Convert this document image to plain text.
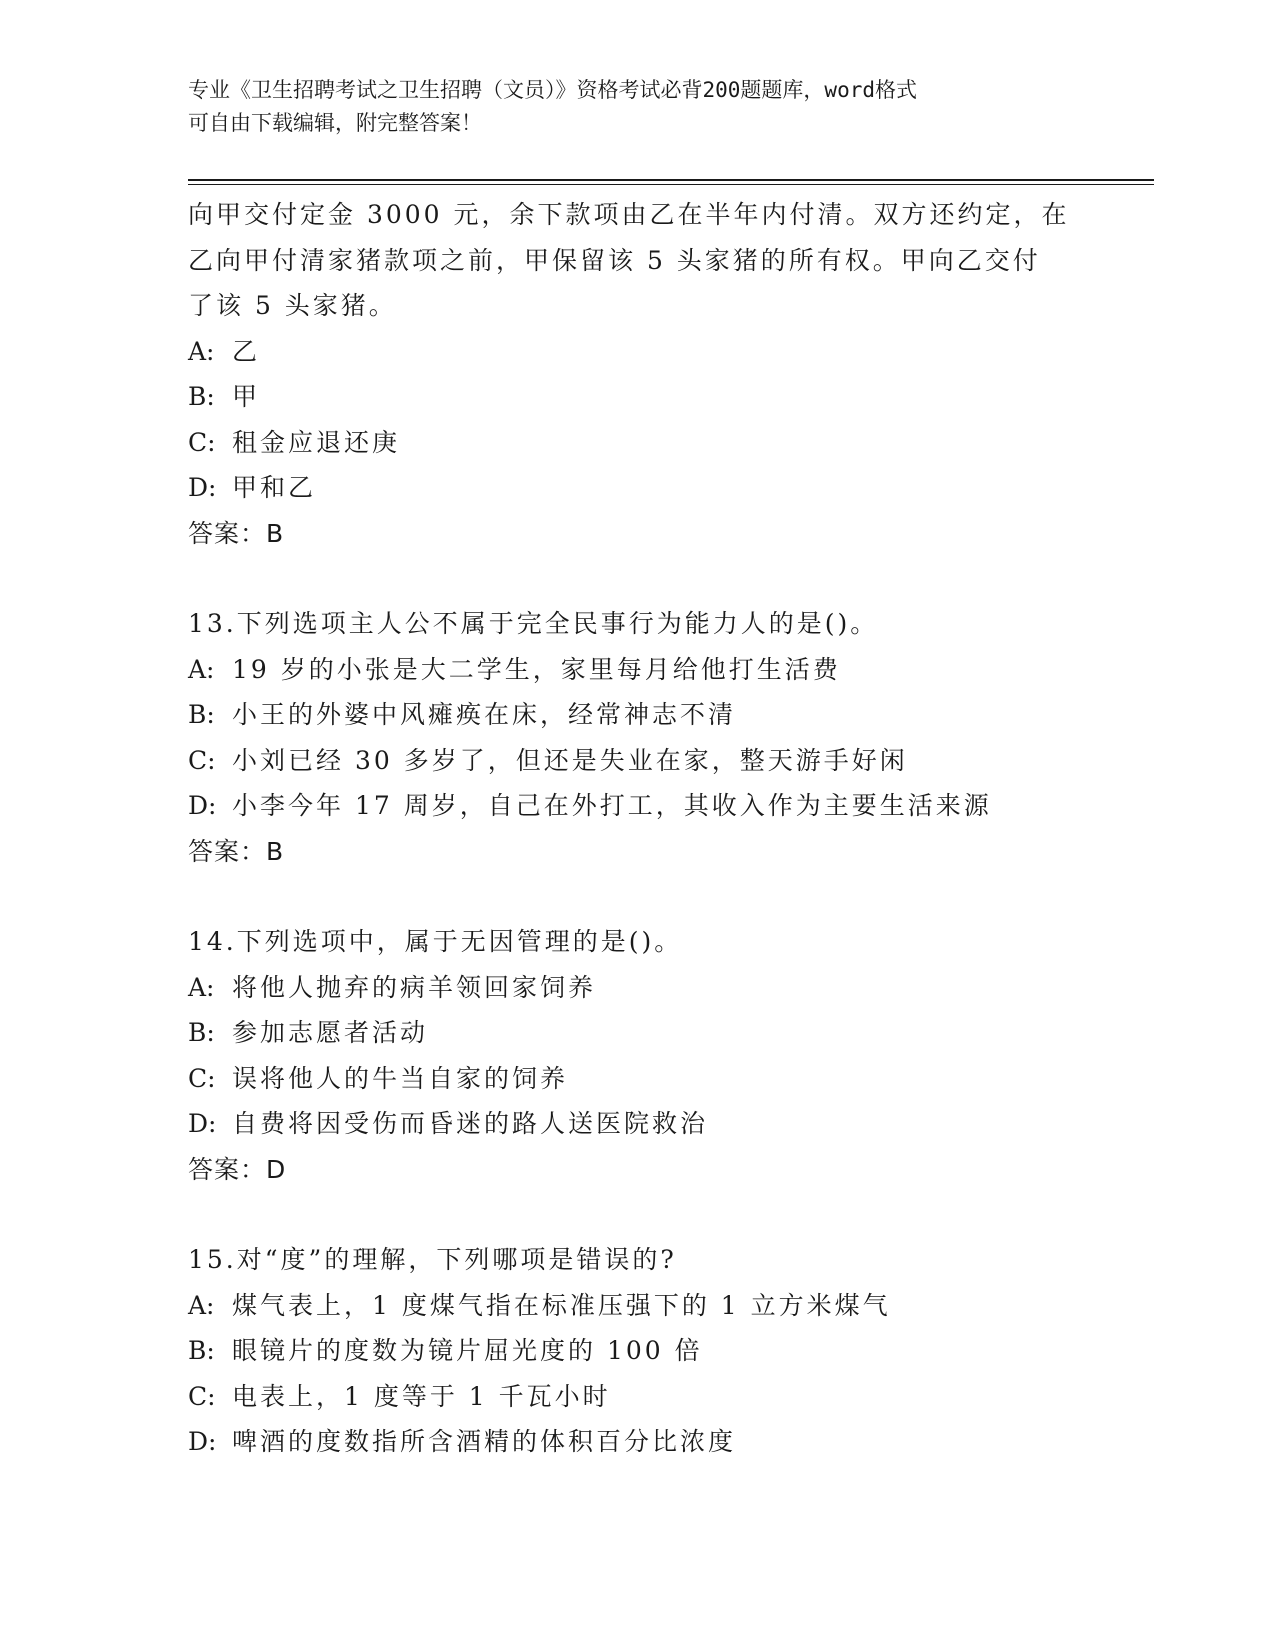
专业《卫生招聘考试之卫生招聘（文员）》资格考试必背200题题库，word格式
可自由下载编辑，附完整答案！
向甲交付定金 3000 元，余下款项由乙在半年内付清。双方还约定，在
乙向甲付清家猪款项之前，甲保留该 5 头家猪的所有权。甲向乙交付
了该 5 头家猪。
A: 乙
B: 甲
C: 租金应退还庚
D: 甲和乙
答案：B
13.下列选项主人公不属于完全民事行为能力人的是()。
A: 19 岁的小张是大二学生，家里每月给他打生活费
B: 小王的外婆中风瘫痪在床，经常神志不清
C: 小刘已经 30 多岁了，但还是失业在家，整天游手好闲
D: 小李今年 17 周岁，自己在外打工，其收入作为主要生活来源
答案：B
14.下列选项中，属于无因管理的是()。
A: 将他人抛弃的病羊领回家饲养
B: 参加志愿者活动
C: 误将他人的牛当自家的饲养
D: 自费将因受伤而昏迷的路人送医院救治
答案：D
15.对“度”的理解，下列哪项是错误的?
A: 煤气表上，1 度煤气指在标准压强下的 1 立方米煤气
B: 眼镜片的度数为镜片屈光度的 100 倍
C: 电表上，1 度等于 1 千瓦小时
D: 啤酒的度数指所含酒精的体积百分比浓度
